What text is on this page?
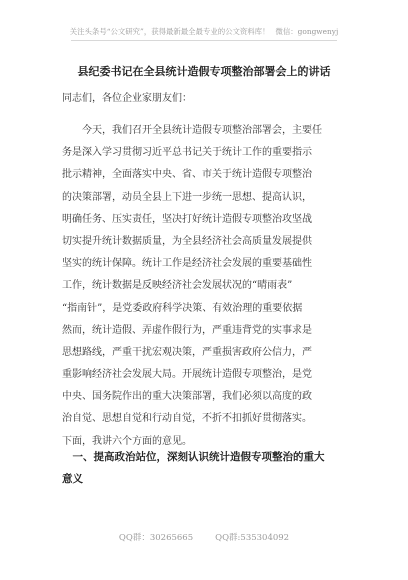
关注头条号“公文研究”，获得最新最全最专业的公文资料库！ 微信：gongwenyj
县纪委书记在全县统计造假专项整治部署会上的讲话
同志们，各位企业家朋友们：
　　今天，我们召开全县统计造假专项整治部署会，主要任
务是深入学习贯彻习近平总书记关于统计工作的重要指示
批示精神，全面落实中央、省、市关于统计造假专项整治
的决策部署，动员全县上下进一步统一思想、提高认识，
明确任务、压实责任，坚决打好统计造假专项整治攻坚战
切实提升统计数据质量，为全县经济社会高质量发展提供
坚实的统计保障。统计工作是经济社会发展的重要基础性
工作，统计数据是反映经济社会发展状况的“晴雨表”
“指南针”，是党委政府科学决策、有效治理的重要依据
然而，统计造假、弄虚作假行为，严重违背党的实事求是
思想路线，严重干扰宏观决策，严重损害政府公信力，严
重影响经济社会发展大局。开展统计造假专项整治，是党
中央、国务院作出的重大决策部署，我们必须以高度的政
治自觉、思想自觉和行动自觉，不折不扣抓好贯彻落实。
下面，我讲六个方面的意见。
　一、提高政治站位，深刻认识统计造假专项整治的重大
意义
QQ群：30265665	QQ群:535304092
